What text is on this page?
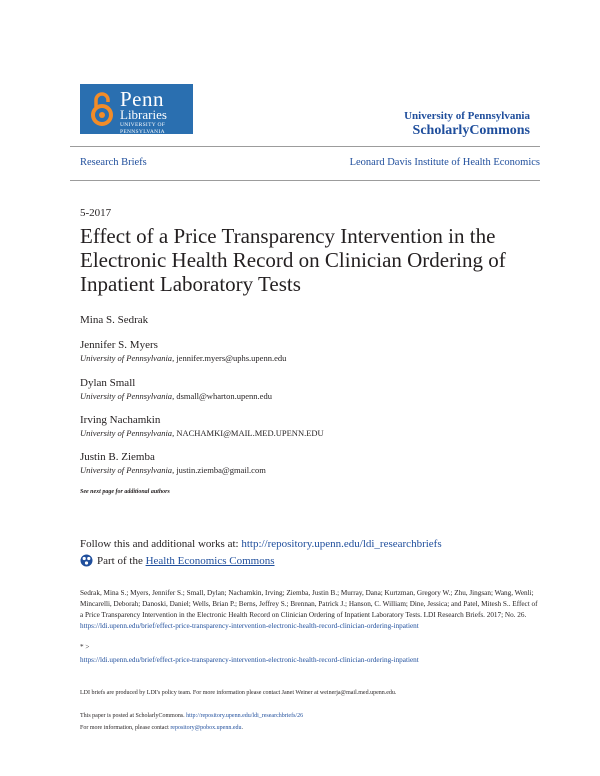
Penn
Libraries
UNIVERSITY OF PENNSYLVANIA
University of Pennsylvania
ScholarlyCommons
Research Briefs	Leonard Davis Institute of Health Economics
5-2017
Effect of a Price Transparency Intervention in the Electronic Health Record on Clinician Ordering of Inpatient Laboratory Tests
Mina S. Sedrak
Jennifer S. Myers
University of Pennsylvania, jennifer.myers@uphs.upenn.edu
Dylan Small
University of Pennsylvania, dsmall@wharton.upenn.edu
Irving Nachamkin
University of Pennsylvania, NACHAMKI@MAIL.MED.UPENN.EDU
Justin B. Ziemba
University of Pennsylvania, justin.ziemba@gmail.com
See next page for additional authors
Follow this and additional works at: http://repository.upenn.edu/ldi_researchbriefs
Part of the Health Economics Commons
Sedrak, Mina S.; Myers, Jennifer S.; Small, Dylan; Nachamkin, Irving; Ziemba, Justin B.; Murray, Dana; Kurtzman, Gregory W.; Zhu, Jingsan; Wang, Wenli; Mincarelli, Deborah; Danoski, Daniel; Wells, Brian P.; Berns, Jeffrey S.; Brennan, Patrick J.; Hanson, C. William; Dine, Jessica; and Patel, Mitesh S.. Effect of a Price Transparency Intervention in the Electronic Health Record on Clinician Ordering of Inpatient Laboratory Tests. LDI Research Briefs. 2017; No. 26. https://ldi.upenn.edu/brief/effect-price-transparency-intervention-electronic-health-record-clinician-ordering-inpatient
* >
https://ldi.upenn.edu/brief/effect-price-transparency-intervention-electronic-health-record-clinician-ordering-inpatient
LDI briefs are produced by LDI's policy team. For more information please contact Janet Weiner at weinerja@mail.med.upenn.edu.
This paper is posted at ScholarlyCommons. http://repository.upenn.edu/ldi_researchbriefs/26
For more information, please contact repository@pobox.upenn.edu.
